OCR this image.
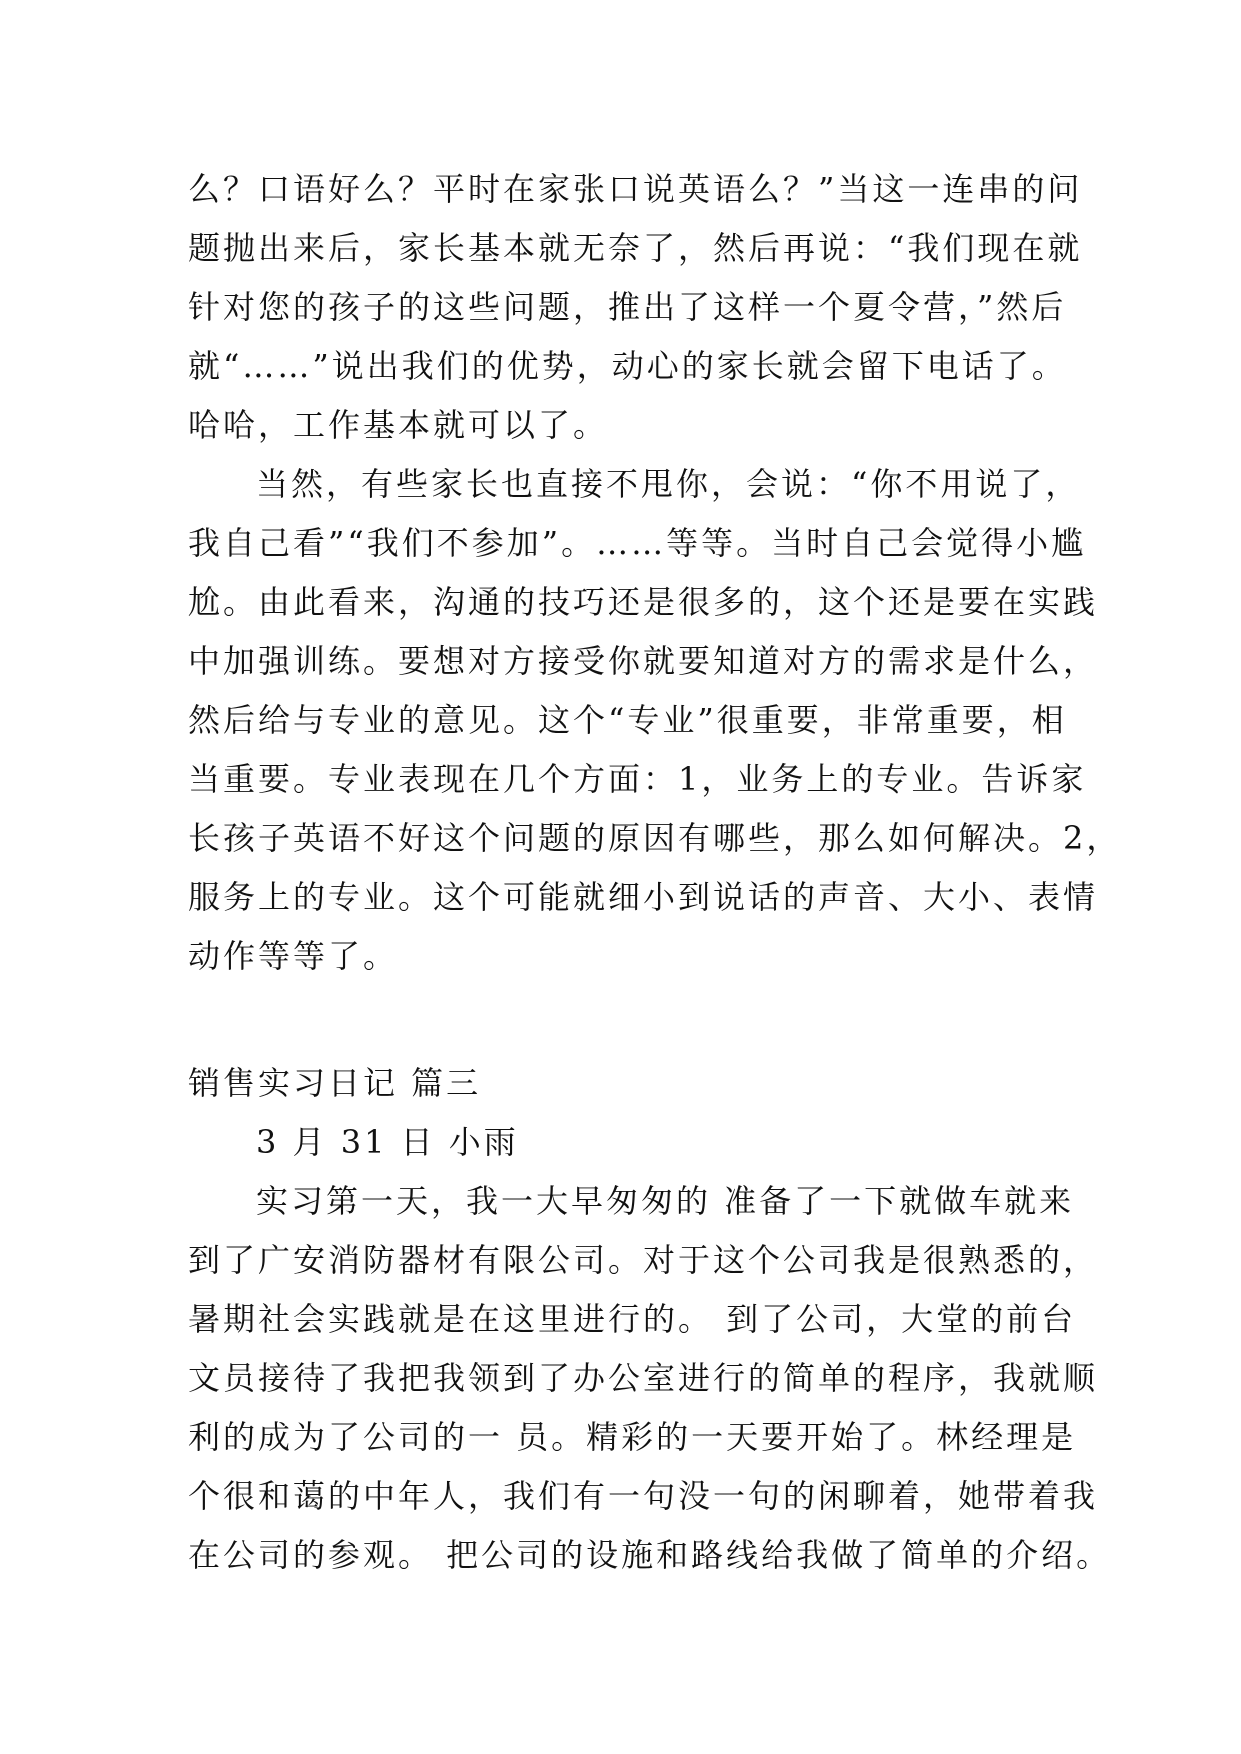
么？口语好么？平时在家张口说英语么？”当这一连串的问
题抛出来后，家长基本就无奈了，然后再说：“我们现在就
针对您的孩子的这些问题，推出了这样一个夏令营，”然后
就“……”说出我们的优势，动心的家长就会留下电话了。
哈哈，工作基本就可以了。

当然，有些家长也直接不甩你，会说：“你不用说了，
我自己看”“我们不参加”。……等等。当时自己会觉得小尴
尬。由此看来，沟通的技巧还是很多的，这个还是要在实践
中加强训练。要想对方接受你就要知道对方的需求是什么，
然后给与专业的意见。这个“专业”很重要，非常重要，相
当重要。专业表现在几个方面：1，业务上的专业。告诉家
长孩子英语不好这个问题的原因有哪些，那么如何解决。2，
服务上的专业。这个可能就细小到说话的声音、大小、表情
动作等等了。

销售实习日记 篇三

3 月 31 日 小雨

实习第一天，我一大早匆匆的 准备了一下就做车就来
到了广安消防器材有限公司。对于这个公司我是很熟悉的，
暑期社会实践就是在这里进行的。 到了公司，大堂的前台
文员接待了我把我领到了办公室进行的简单的程序，我就顺
利的成为了公司的一 员。精彩的一天要开始了。林经理是
个很和蔼的中年人，我们有一句没一句的闲聊着，她带着我
在公司的参观。 把公司的设施和路线给我做了简单的介绍。
